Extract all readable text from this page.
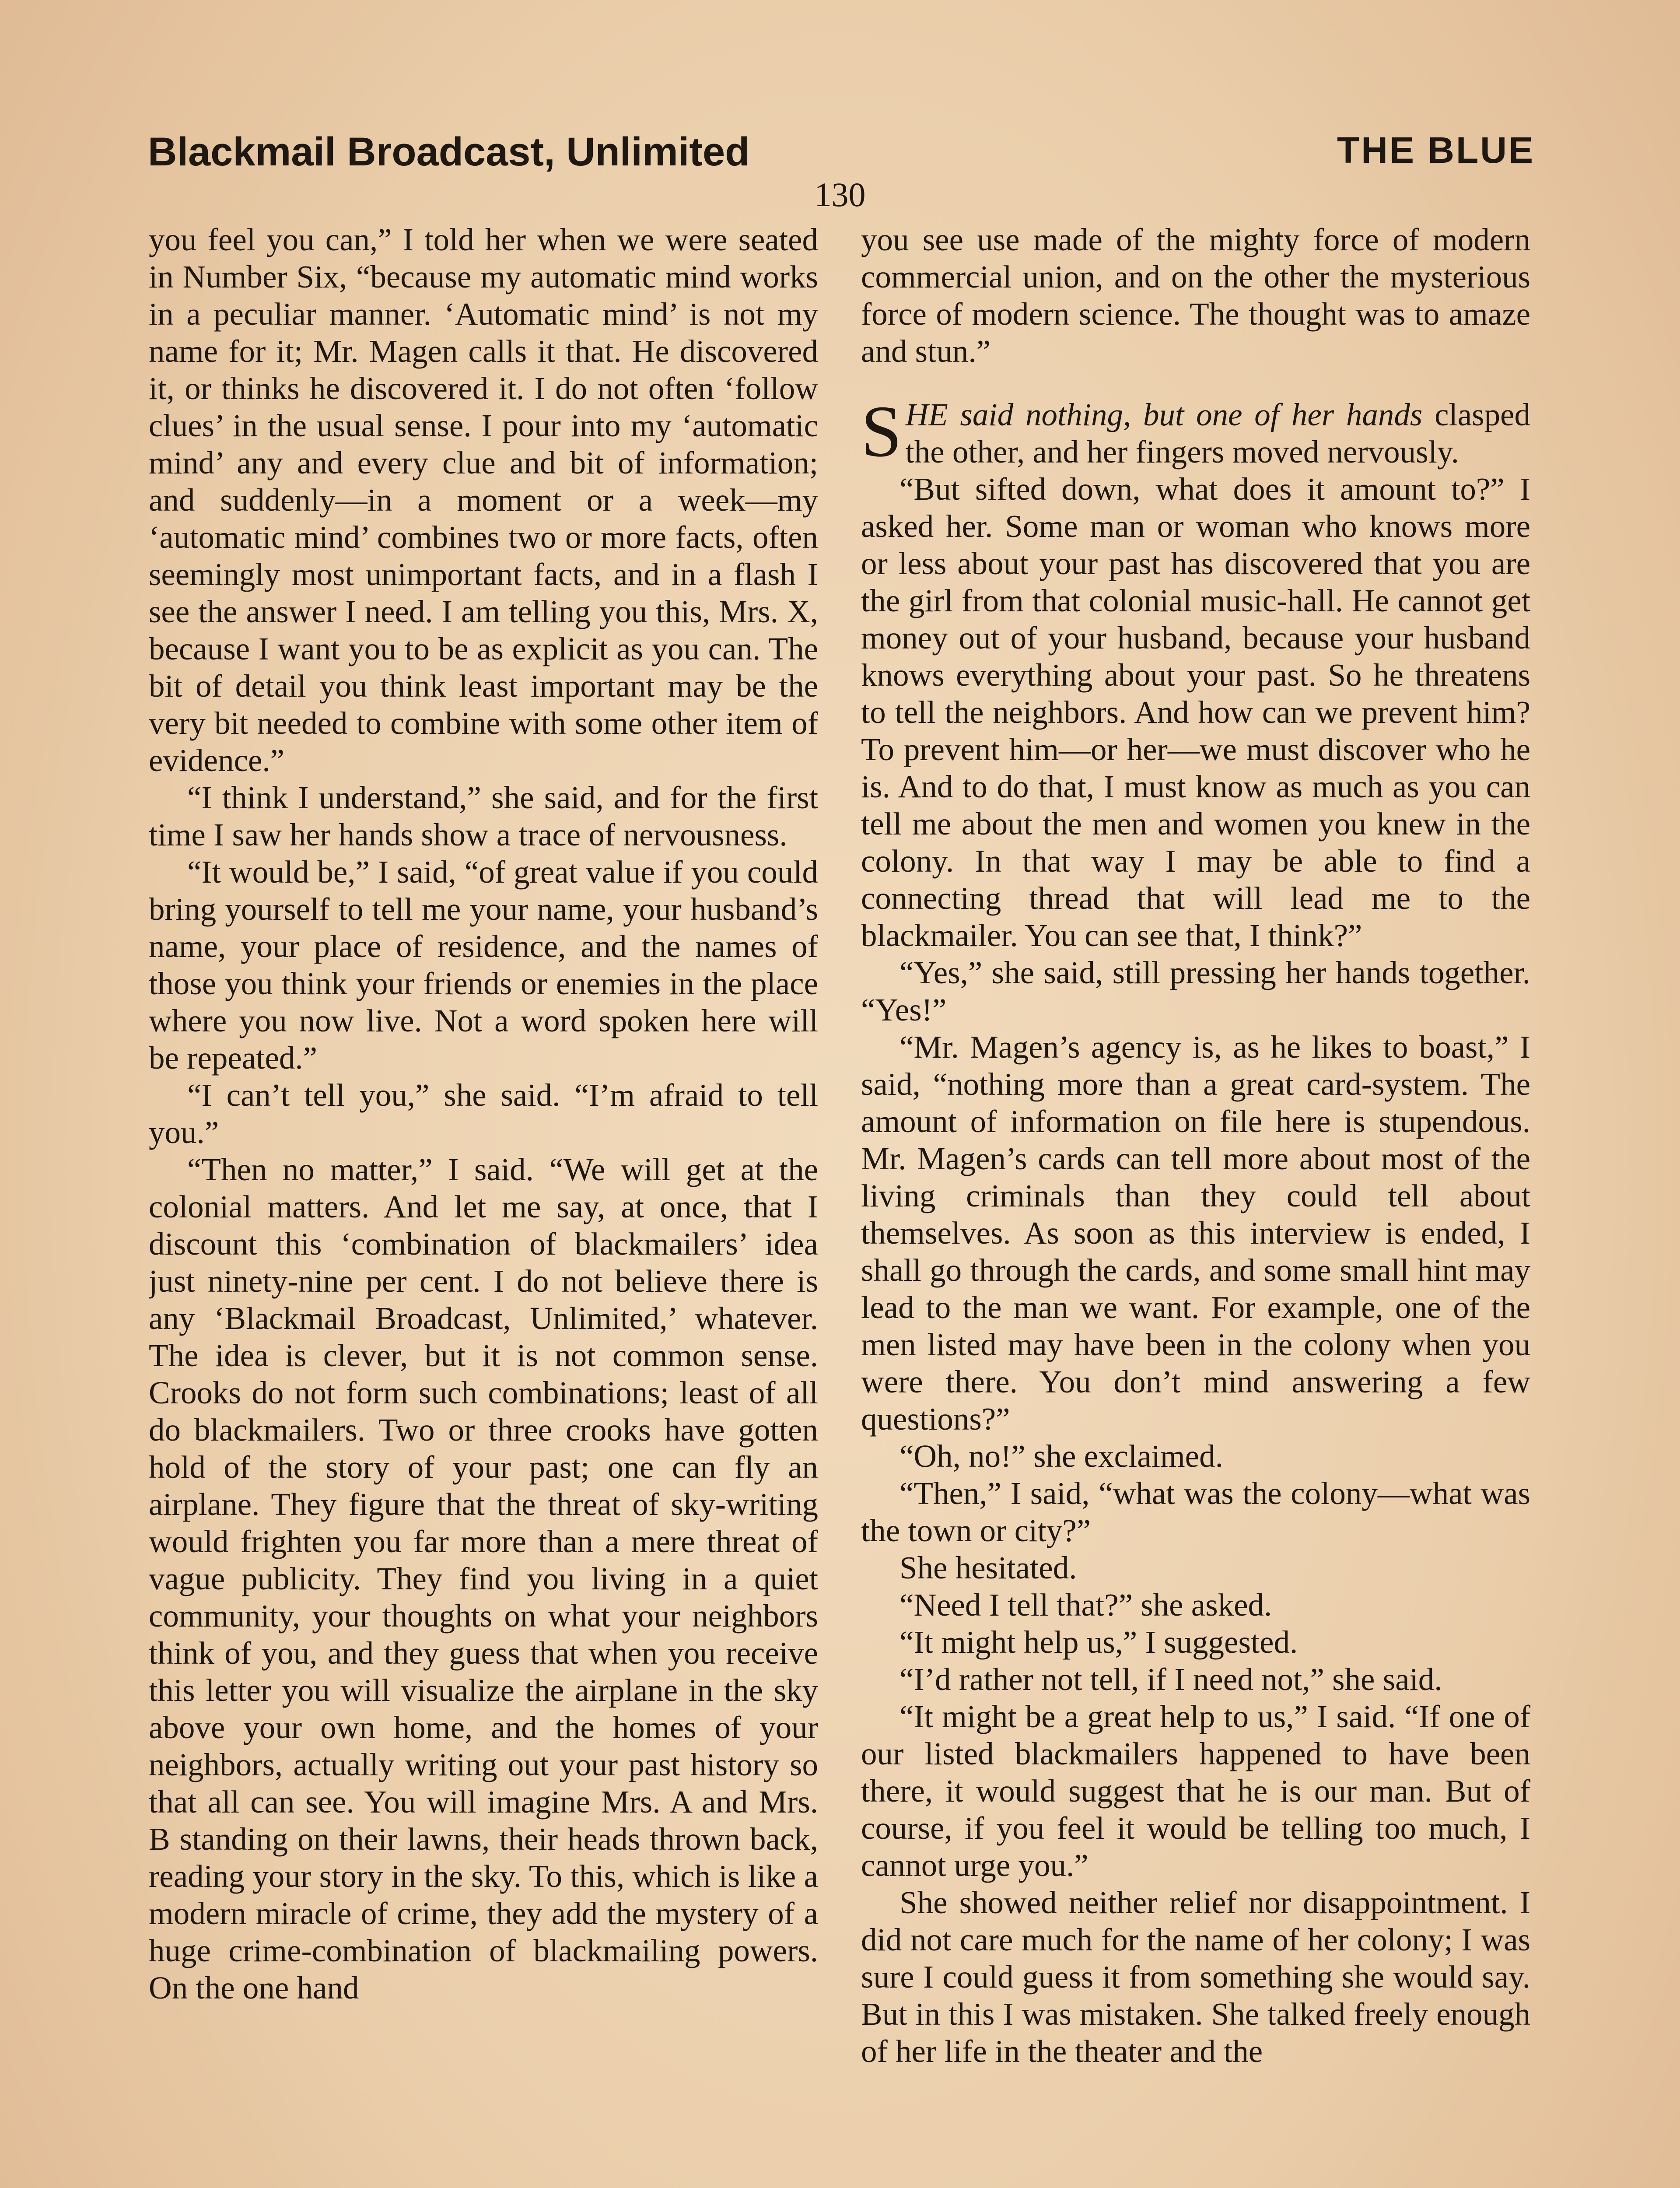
Blackmail Broadcast, Unlimited	THE BLUE
130

you feel you can,” I told her when we were seated in Number Six, “because my automatic mind works in a peculiar manner. ‘Automatic mind’ is not my name for it; Mr. Magen calls it that. He discovered it, or thinks he discovered it. I do not often ‘follow clues’ in the usual sense. I pour into my ‘automatic mind’ any and every clue and bit of information; and suddenly—in a moment or a week—my ‘automatic mind’ combines two or more facts, often seemingly most unimportant facts, and in a flash I see the answer I need. I am telling you this, Mrs. X, because I want you to be as explicit as you can. The bit of detail you think least important may be the very bit needed to combine with some other item of evidence.”

“I think I understand,” she said, and for the first time I saw her hands show a trace of nervousness.

“It would be,” I said, “of great value if you could bring yourself to tell me your name, your husband’s name, your place of residence, and the names of those you think your friends or enemies in the place where you now live. Not a word spoken here will be repeated.”

“I can’t tell you,” she said. “I’m afraid to tell you.”

“Then no matter,” I said. “We will get at the colonial matters. And let me say, at once, that I discount this ‘combination of blackmailers’ idea just ninety-nine per cent. I do not believe there is any ‘Blackmail Broadcast, Unlimited,’ whatever. The idea is clever, but it is not common sense. Crooks do not form such combinations; least of all do blackmailers. Two or three crooks have gotten hold of the story of your past; one can fly an airplane. They figure that the threat of sky-writing would frighten you far more than a mere threat of vague publicity. They find you living in a quiet community, your thoughts on what your neighbors think of you, and they guess that when you receive this letter you will visualize the airplane in the sky above your own home, and the homes of your neighbors, actually writing out your past history so that all can see. You will imagine Mrs. A and Mrs. B standing on their lawns, their heads thrown back, reading your story in the sky. To this, which is like a modern miracle of crime, they add the mystery of a huge crime-combination of blackmailing powers. On the one hand

you see use made of the mighty force of modern commercial union, and on the other the mysterious force of modern science. The thought was to amaze and stun.”

SHE said nothing, but one of her hands clasped the other, and her fingers moved nervously.

“But sifted down, what does it amount to?” I asked her. Some man or woman who knows more or less about your past has discovered that you are the girl from that colonial music-hall. He cannot get money out of your husband, because your husband knows everything about your past. So he threatens to tell the neighbors. And how can we prevent him? To prevent him—or her—we must discover who he is. And to do that, I must know as much as you can tell me about the men and women you knew in the colony. In that way I may be able to find a connecting thread that will lead me to the blackmailer. You can see that, I think?”

“Yes,” she said, still pressing her hands together. “Yes!”

“Mr. Magen’s agency is, as he likes to boast,” I said, “nothing more than a great card-system. The amount of information on file here is stupendous. Mr. Magen’s cards can tell more about most of the living criminals than they could tell about themselves. As soon as this interview is ended, I shall go through the cards, and some small hint may lead to the man we want. For example, one of the men listed may have been in the colony when you were there. You don’t mind answering a few questions?”

“Oh, no!” she exclaimed.

“Then,” I said, “what was the colony—what was the town or city?”

She hesitated.

“Need I tell that?” she asked.

“It might help us,” I suggested.

“I’d rather not tell, if I need not,” she said.

“It might be a great help to us,” I said. “If one of our listed blackmailers happened to have been there, it would suggest that he is our man. But of course, if you feel it would be telling too much, I cannot urge you.”

She showed neither relief nor disappointment. I did not care much for the name of her colony; I was sure I could guess it from something she would say. But in this I was mistaken. She talked freely enough of her life in the theater and the
